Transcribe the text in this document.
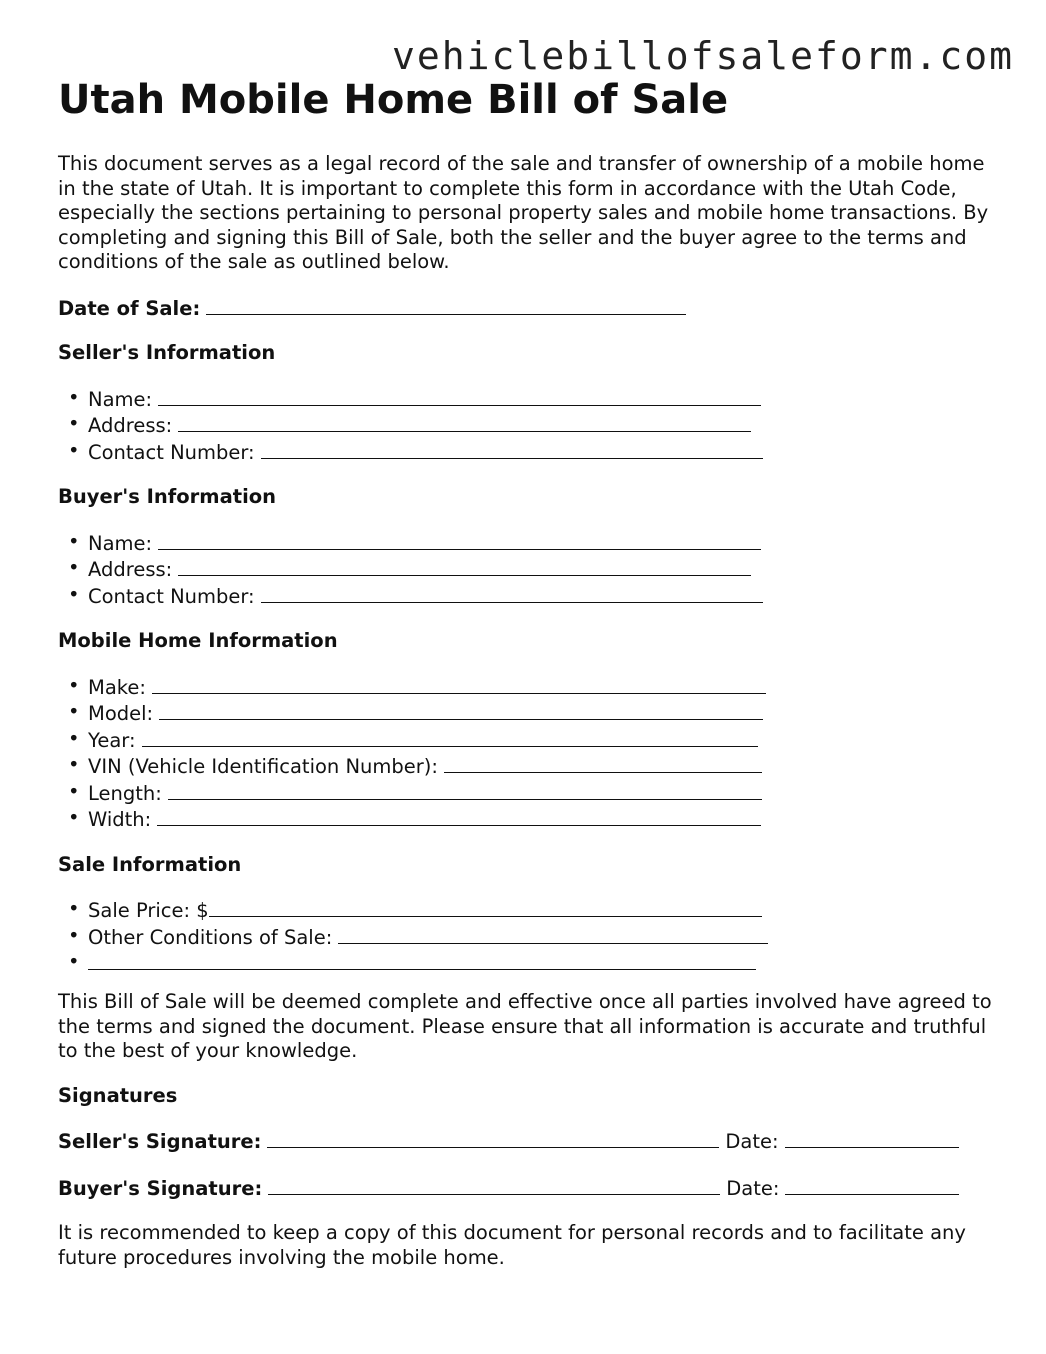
vehiclebillofsaleform.com
Utah Mobile Home Bill of Sale

This document serves as a legal record of the sale and transfer of ownership of a mobile home in the state of Utah. It is important to complete this form in accordance with the Utah Code, especially the sections pertaining to personal property sales and mobile home transactions. By completing and signing this Bill of Sale, both the seller and the buyer agree to the terms and conditions of the sale as outlined below.

Date of Sale:
Seller's Information
• Name:
• Address:
• Contact Number:
Buyer's Information
• Name:
• Address:
• Contact Number:
Mobile Home Information
• Make:
• Model:
• Year:
• VIN (Vehicle Identification Number):
• Length:
• Width:
Sale Information
• Sale Price: $
• Other Conditions of Sale:
•

This Bill of Sale will be deemed complete and effective once all parties involved have agreed to the terms and signed the document. Please ensure that all information is accurate and truthful to the best of your knowledge.

Signatures
Seller's Signature:	Date:
Buyer's Signature:	Date:

It is recommended to keep a copy of this document for personal records and to facilitate any future procedures involving the mobile home.
